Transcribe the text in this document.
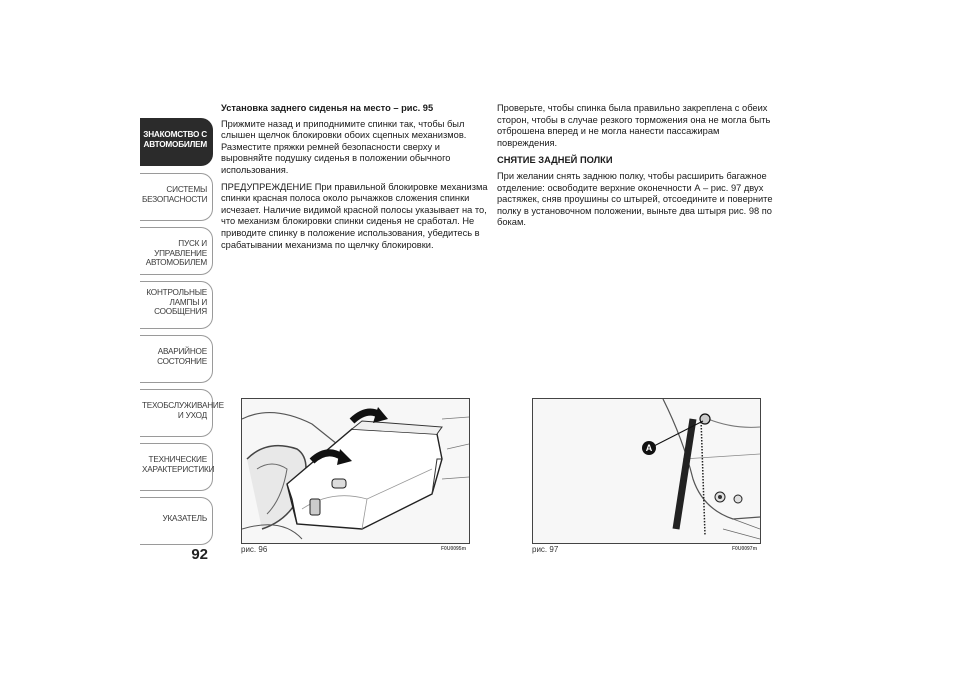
ЗНАКОМСТВО С
АВТОМОБИЛЕМ
СИСТЕМЫ
БЕЗОПАСНОСТИ
ПУСК И УПРАВЛЕНИЕ
АВТОМОБИЛЕМ
КОНТРОЛЬНЫЕ
ЛАМПЫ И
СООБЩЕНИЯ
АВАРИЙНОЕ
СОСТОЯНИЕ
ТЕХОБСЛУЖИВАНИЕ
И УХОД
ТЕХНИЧЕСКИЕ
ХАРАКТЕРИСТИКИ
УКАЗАТЕЛЬ
92
Установка заднего сиденья на место – рис. 95

Прижмите назад и приподнимите спинки так, чтобы был слышен щелчок блокировки обоих сцепных механизмов. Разместите пряжки ремней безопасности сверху и выровняйте подушку сиденья в положении обычного использования.

ПРЕДУПРЕЖДЕНИЕ При правильной блокировке механизма спинки красная полоса около рычажков сложения спинки исчезает. Наличие видимой красной полосы указывает на то, что механизм блокировки спинки сиденья не сработал. Не приводите спинку в положение использования, убедитесь в срабатывании механизма по щелчку блокировки.

Проверьте, чтобы спинка была правильно закреплена с обеих сторон, чтобы в случае резкого торможения она не могла быть отброшена вперед и не могла нанести пассажирам повреждения.

СНЯТИЕ ЗАДНЕЙ ПОЛКИ

При желании снять заднюю полку, чтобы расширить багажное отделение: освободите верхние оконечности А – рис. 97 двух растяжек, сняв проушины со штырей, отсоедините и поверните полку в установочном положении, выньте два штыря рис. 98 по бокам.

рис. 96	F0U0095m
A
рис. 97	F0U0097m
